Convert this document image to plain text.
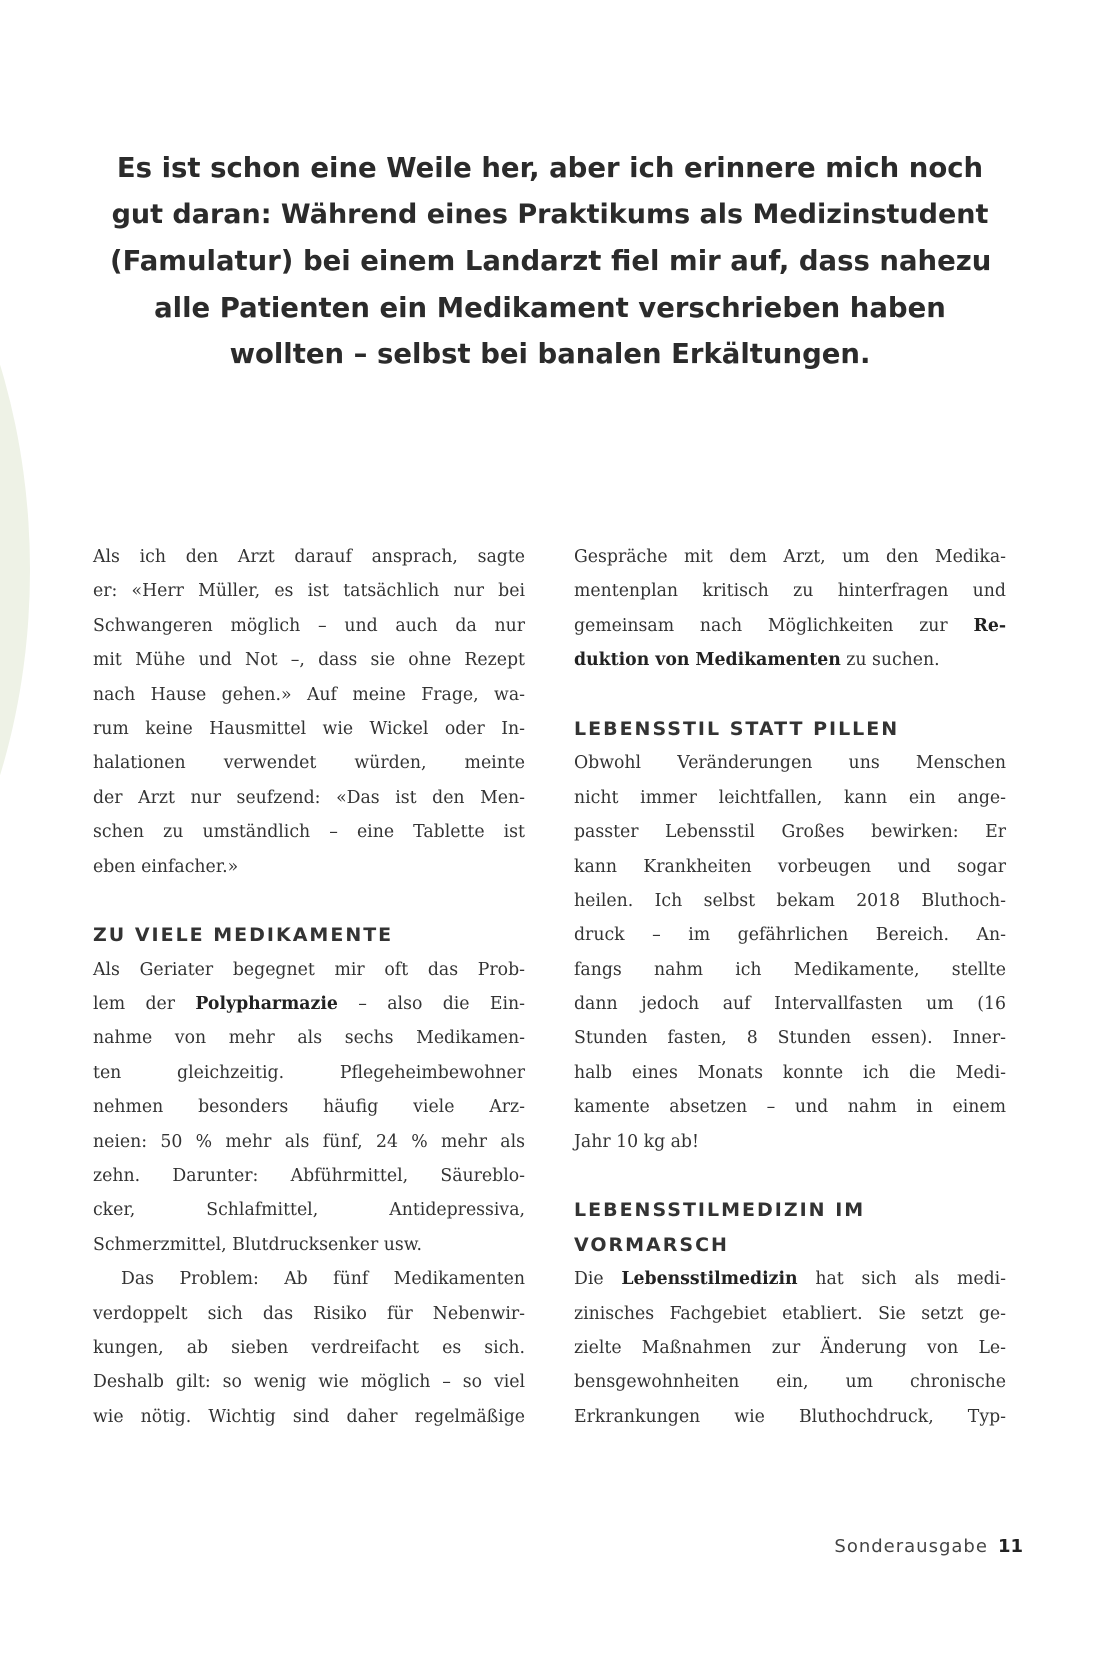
Es ist schon eine Weile her, aber ich erinnere mich noch
gut daran: Während eines Praktikums als Medizinstudent
(Famulatur) bei einem Landarzt fiel mir auf, dass nahezu
alle Patienten ein Medikament verschrieben haben
wollten – selbst bei banalen Erkältungen.
Als ich den Arzt darauf ansprach, sagte
er: «Herr Müller, es ist tatsächlich nur bei
Schwangeren möglich – und auch da nur
mit Mühe und Not –, dass sie ohne Rezept
nach Hause gehen.» Auf meine Frage, wa-
rum keine Hausmittel wie Wickel oder In-
halationen verwendet würden, meinte
der Arzt nur seufzend: «Das ist den Men-
schen zu umständlich – eine Tablette ist
eben einfacher.»
ZU VIELE MEDIKAMENTE
Als Geriater begegnet mir oft das Prob-
lem der Polypharmazie – also die Ein-
nahme von mehr als sechs Medikamen-
ten gleichzeitig. Pflegeheimbewohner
nehmen besonders häufig viele Arz-
neien: 50 % mehr als fünf, 24 % mehr als
zehn. Darunter: Abführmittel, Säureblo-
cker, Schlafmittel, Antidepressiva,
Schmerzmittel, Blutdrucksenker usw.
Das Problem: Ab fünf Medikamenten
verdoppelt sich das Risiko für Nebenwir-
kungen, ab sieben verdreifacht es sich.
Deshalb gilt: so wenig wie möglich – so viel
wie nötig. Wichtig sind daher regelmäßige
Gespräche mit dem Arzt, um den Medika-
mentenplan kritisch zu hinterfragen und
gemeinsam nach Möglichkeiten zur Re-
duktion von Medikamenten zu suchen.
LEBENSSTIL STATT PILLEN
Obwohl Veränderungen uns Menschen
nicht immer leichtfallen, kann ein ange-
passter Lebensstil Großes bewirken: Er
kann Krankheiten vorbeugen und sogar
heilen. Ich selbst bekam 2018 Bluthoch-
druck – im gefährlichen Bereich. An-
fangs nahm ich Medikamente, stellte
dann jedoch auf Intervallfasten um (16
Stunden fasten, 8 Stunden essen). Inner-
halb eines Monats konnte ich die Medi-
kamente absetzen – und nahm in einem
Jahr 10 kg ab!
LEBENSSTILMEDIZIN IM
VORMARSCH
Die Lebensstilmedizin hat sich als medi-
zinisches Fachgebiet etabliert. Sie setzt ge-
zielte Maßnahmen zur Änderung von Le-
bensgewohnheiten ein, um chronische
Erkrankungen wie Bluthochdruck, Typ-
Sonderausgabe 11
